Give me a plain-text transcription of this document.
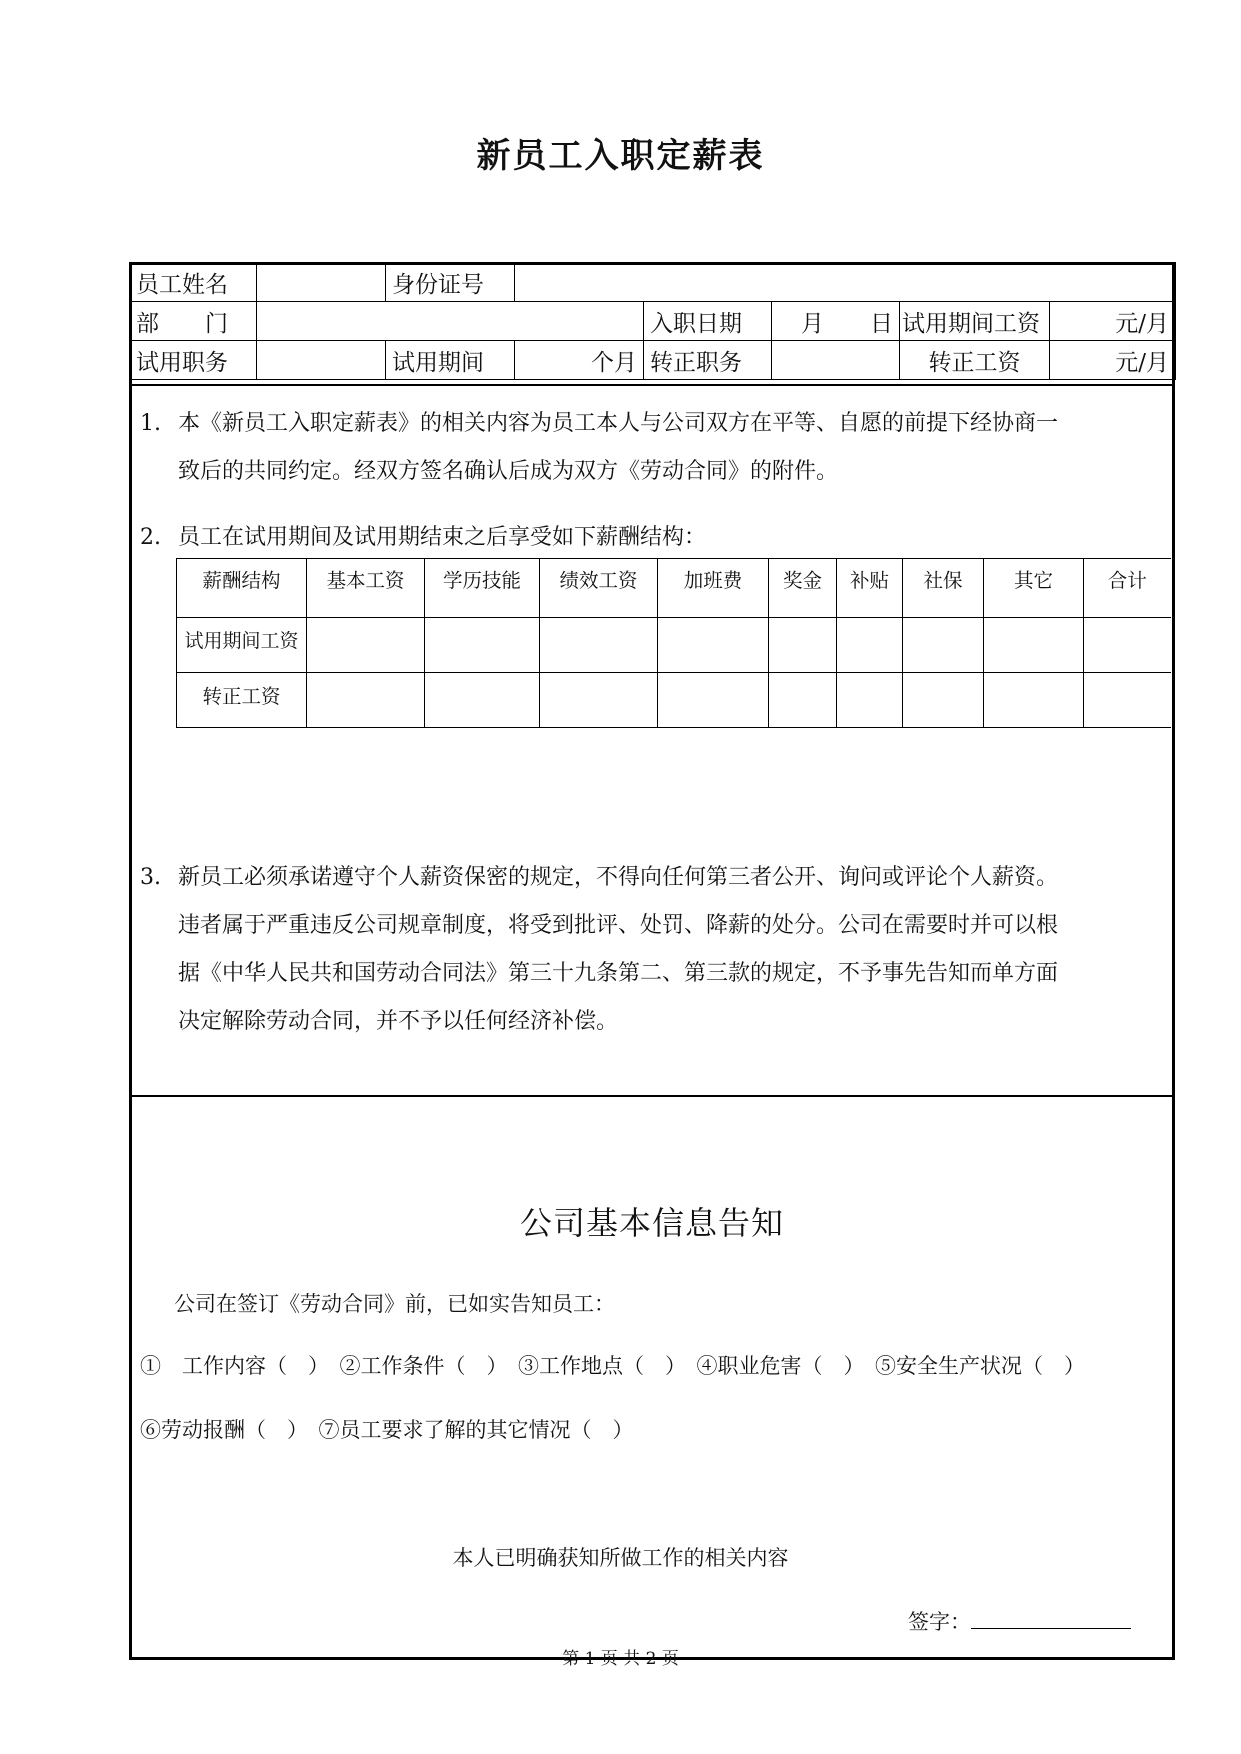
新员工入职定薪表
员工姓名		身份证号					
部　　门				入职日期	月　　日	试用期间工资	元/月
试用职务		试用期间	个月	转正职务		转正工资	元/月
1. 本《新员工入职定薪表》的相关内容为员工本人与公司双方在平等、自愿的前提下经协商一
致后的共同约定。经双方签名确认后成为双方《劳动合同》的附件。
2. 员工在试用期间及试用期结束之后享受如下薪酬结构：
薪酬结构	基本工资	学历技能	绩效工资	加班费	奖金	补贴	社保	其它	合计
试用期间工资									
转正工资									
3. 新员工必须承诺遵守个人薪资保密的规定，不得向任何第三者公开、询问或评论个人薪资。
违者属于严重违反公司规章制度，将受到批评、处罚、降薪的处分。公司在需要时并可以根
据《中华人民共和国劳动合同法》第三十九条第二、第三款的规定，不予事先告知而单方面
决定解除劳动合同，并不予以任何经济补偿。
公司基本信息告知
公司在签订《劳动合同》前，已如实告知员工：
①　工作内容（　）　②工作条件（　）　③工作地点（　）　④职业危害（　）　⑤安全生产状况（　）
⑥劳动报酬（　）　⑦员工要求了解的其它情况（　）
本人已明确获知所做工作的相关内容
签字：
第 1 页 共 2 页
